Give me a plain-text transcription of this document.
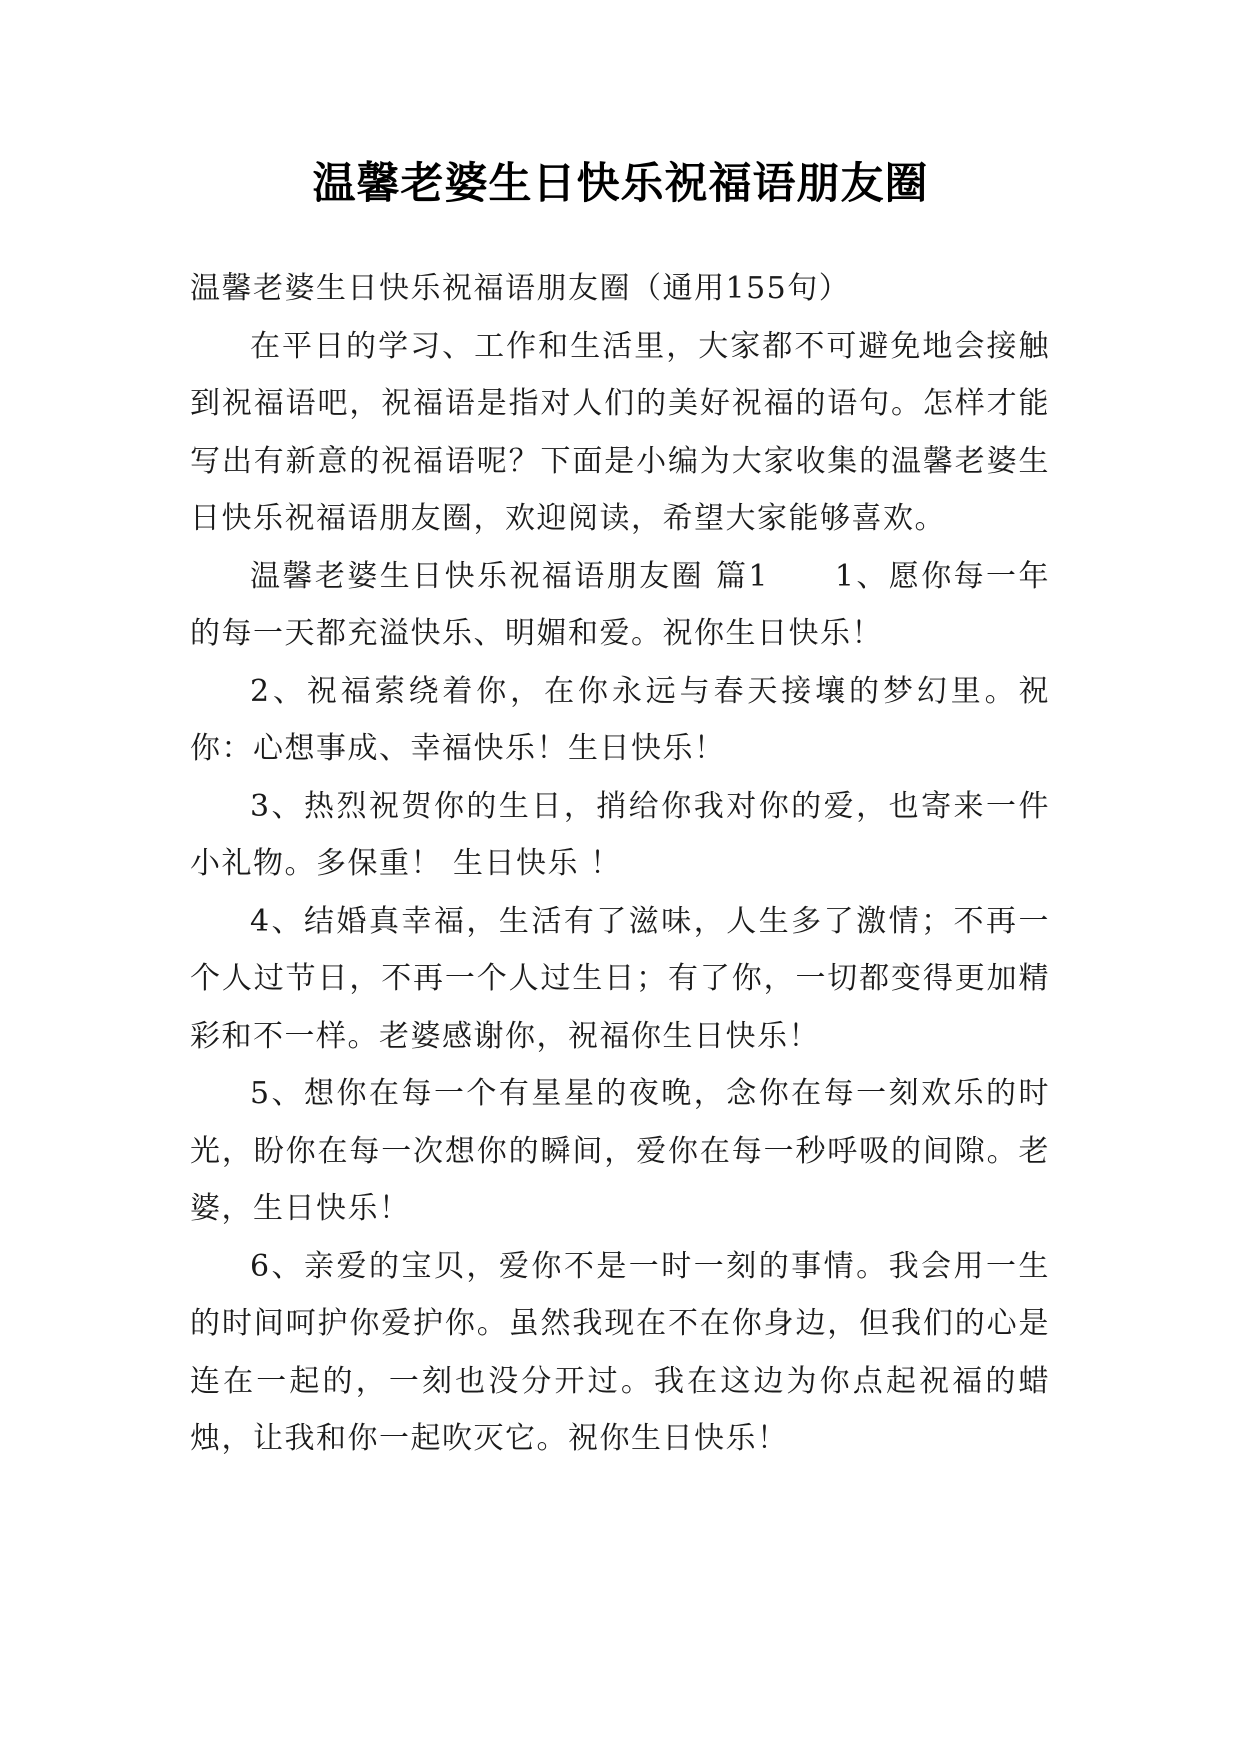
温馨老婆生日快乐祝福语朋友圈

温馨老婆生日快乐祝福语朋友圈（通用155句）

在平日的学习、工作和生活里，大家都不可避免地会接触到祝福语吧，祝福语是指对人们的美好祝福的语句。怎样才能写出有新意的祝福语呢？下面是小编为大家收集的温馨老婆生日快乐祝福语朋友圈，欢迎阅读，希望大家能够喜欢。

温馨老婆生日快乐祝福语朋友圈 篇1　　1、愿你每一年的每一天都充溢快乐、明媚和爱。祝你生日快乐！

2、祝福萦绕着你，在你永远与春天接壤的梦幻里。祝你：心想事成、幸福快乐！生日快乐！

3、热烈祝贺你的生日，捎给你我对你的爱，也寄来一件小礼物。多保重！ 生日快乐 ！

4、结婚真幸福，生活有了滋味，人生多了激情；不再一个人过节日，不再一个人过生日；有了你，一切都变得更加精彩和不一样。老婆感谢你，祝福你生日快乐！

5、想你在每一个有星星的夜晚，念你在每一刻欢乐的时光，盼你在每一次想你的瞬间，爱你在每一秒呼吸的间隙。老婆，生日快乐！

6、亲爱的宝贝，爱你不是一时一刻的事情。我会用一生的时间呵护你爱护你。虽然我现在不在你身边，但我们的心是连在一起的，一刻也没分开过。我在这边为你点起祝福的蜡烛，让我和你一起吹灭它。祝你生日快乐！
